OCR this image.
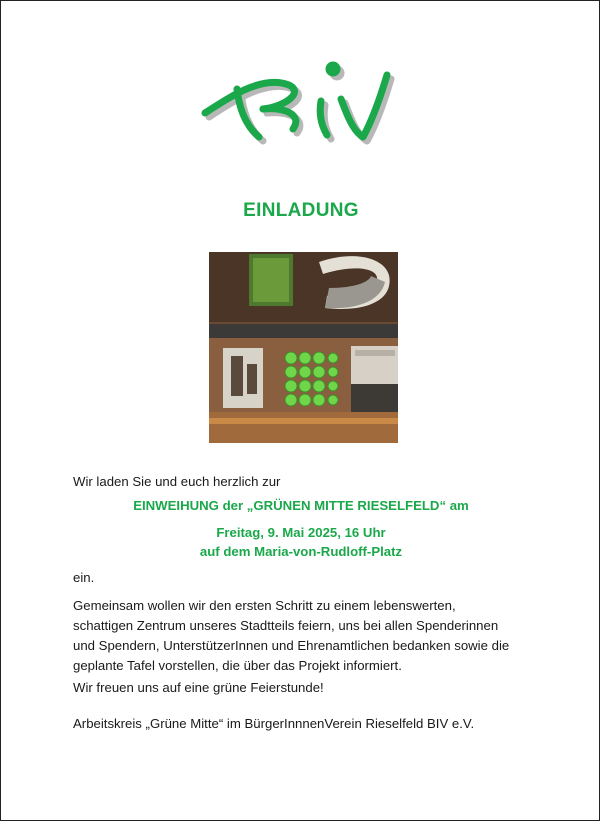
EINLADUNG
Wir laden Sie und euch herzlich zur
EINWEIHUNG der „GRÜNEN MITTE RIESELFELD“ am
Freitag, 9. Mai 2025, 16 Uhr
auf dem Maria-von-Rudloff-Platz
ein.
Gemeinsam wollen wir den ersten Schritt zu einem lebenswerten,
schattigen Zentrum unseres Stadtteils feiern, uns bei allen Spenderinnen
und Spendern, UnterstützerInnen und Ehrenamtlichen bedanken sowie die
geplante Tafel vorstellen, die über das Projekt informiert.
Wir freuen uns auf eine grüne Feierstunde!
Arbeitskreis „Grüne Mitte“ im BürgerInnnenVerein Rieselfeld BIV e.V.
